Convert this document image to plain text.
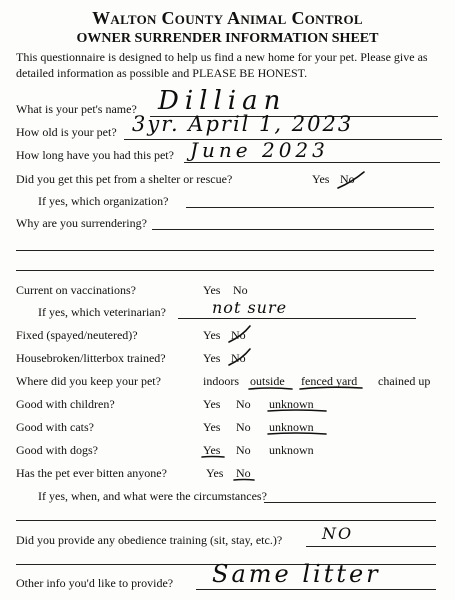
Walton County Animal Control
OWNER SURRENDER INFORMATION SHEET
This questionnaire is designed to help us find a new home for your pet. Please give as detailed information as possible and PLEASE BE HONEST.
What is your pet's name? Dillian
How old is your pet? 3yr. April 1, 2023
How long have you had this pet? June 2023
Did you get this pet from a shelter or rescue?	Yes No
If yes, which organization?
Why are you surrendering?
Current on vaccinations?	Yes No
If yes, which veterinarian?	not sure
Fixed (spayed/neutered)?	Yes No
Housebroken/litterbox trained?	Yes No
Where did you keep your pet?	indoors outside fenced yard chained up
Good with children?	Yes No unknown
Good with cats?	Yes No unknown
Good with dogs?	Yes No unknown
Has the pet ever bitten anyone?	Yes No
If yes, when, and what were the circumstances?
Did you provide any obedience training (sit, stay, etc.)? NO
Other info you'd like to provide? Same litter
